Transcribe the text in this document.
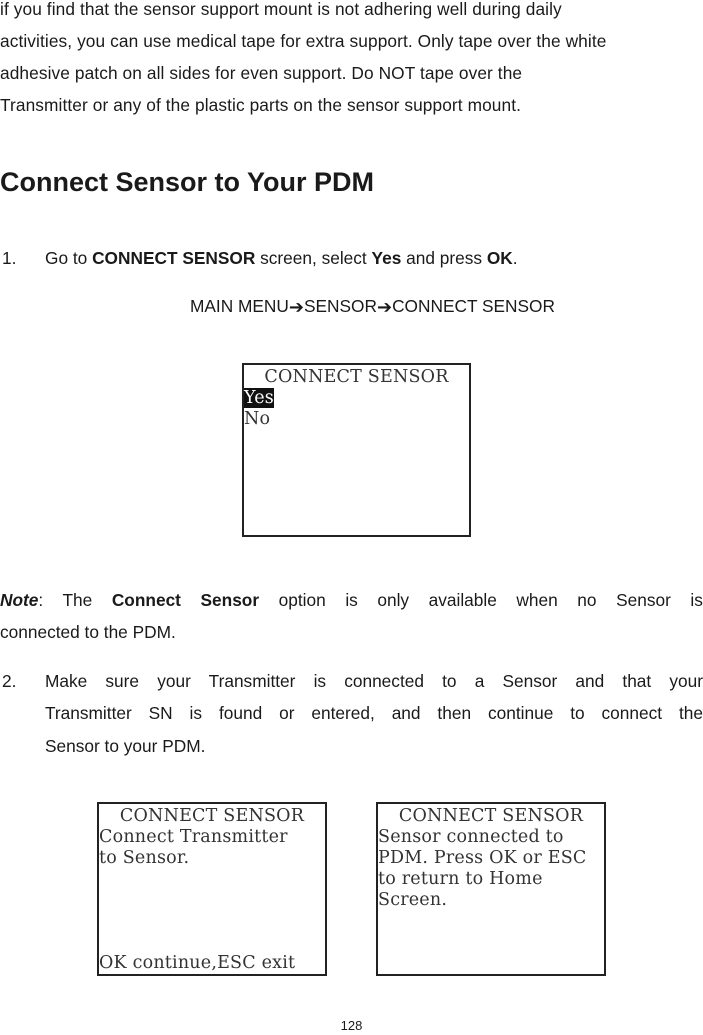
if you find that the sensor support mount is not adhering well during daily
activities, you can use medical tape for extra support. Only tape over the white
adhesive patch on all sides for even support. Do NOT tape over the
Transmitter or any of the plastic parts on the sensor support mount.
Connect Sensor to Your PDM
1. Go to CONNECT SENSOR screen, select Yes and press OK.
MAIN MENU➔SENSOR➔CONNECT SENSOR
CONNECT SENSOR
Yes
No
Note: The Connect Sensor option is only available when no Sensor is
connected to the PDM.
2. Make sure your Transmitter is connected to a Sensor and that your
Transmitter SN is found or entered, and then continue to connect the
Sensor to your PDM.
CONNECT SENSOR
Connect Transmitter
to Sensor.
OK continue,ESC exit
CONNECT SENSOR
Sensor connected to
PDM. Press OK or ESC
to return to Home
Screen.
128
